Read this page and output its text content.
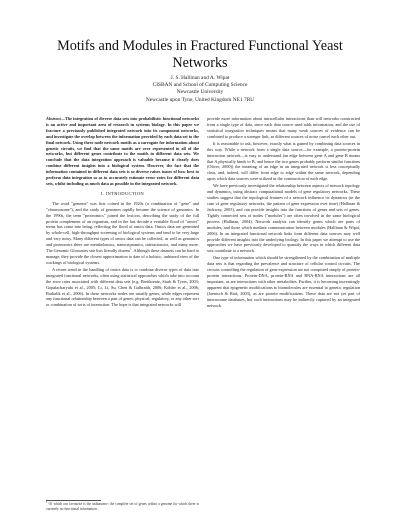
Motifs and Modules in Fractured Functional Yeast
Networks
J. S. Hallinan and A. Wipat
CISBAN and School of Computing Science
Newcastle University
Newcastle upon Tyne, United Kingdom NE1 7RU

Abstract—The integration of diverse data sets into probabilistic functional networks is an active and important area of research in systems biology. In this paper we fracture a previously published integrated network into its component networks, and investigate the overlap between the information provided by each data set to the final network. Using three node network motifs as a surrogate for information about genetic circuits, we find that the same motifs are over represented in all of the networks, but different genes contribute to the motifs in different data sets. We conclude that the data integration approach is valuable because it clearly does combine different insights into a biological system. However, the fact that the information contained in different data sets is so diverse raises issues of how best to perform data integration so as to accurately estimate error rates for different data sets, whilst including as much data as possible in the integrated network.

I. INTRODUCTION

The word "genome" was first coined in the 1920s (a combination of "gene" and "chromosome"), and the study of genomes rapidly became the science of genomics. In the 1990s, the term "proteomics" joined the lexicon, describing the study of the full protein complement of an organism, and in the last decade a veritable flood of "omics" terms has come into being, reflecting the flood of omics data. Omics data are generated by whole-cell, high-throughput screening of biological systems and tend to be very large and very noisy. Many different types of omics data can be collected, as well as genomics and proteomics there are metabolomics, transcriptomics, interactomics, and many more. The Genomic Glossaries site lists literally dozens$^1$. Although these datasets can be hard to manage, they provide the closest approximation to date of a holistic, unbiased view of the workings of biological systems.

A recent trend in the handling of omics data is to combine diverse types of data into integrated functional networks, often using statistical approaches which take into account the error rates associated with different data sets (e.g. Breitkreutz, Stark & Tyers, 2003; Gopalacharyulu et al., 2005; Li, Li, Su, Chen & Galbraith, 2006; Köhler et al., 2006; Bailtalik et al., 2006). In these networks nodes are usually genes, while edges represent any functional relationship between a pair of genes: physical, regulatory, or any other sort or combination of sorts of interaction. The hope is that integrated networks will

$^1$ Of which our favourite is the unbiasome: the complete set of genes within a genome for which there is currently no functional information.

provide more information about intracellular interactions than will networks constructed from a single type of data, since each data source used adds information, and the use of statistical integration techniques means that many weak sources of evidence can be combined to produce a stronger link, as different sources of noise cancel each other out.

It is reasonable to ask, however, exactly what is gained by combining data sources in this way. While a network from a single data source—for example, a protein-protein interaction network—is easy to understand (an edge between gene A and gene B means that A physically binds to B, and hence the two genes probably perform similar functions (Oliver, 2000)) the meaning of an edge in an integrated network is less conceptually clear, and, indeed, will differ from edge to edge within the same network, depending upon which data sources were utilized in the construction of each edge.

We have previously investigated the relationship between aspects of network topology and dynamics, using abstract computational models of gene regulatory networks. These studies suggest that the topological features of a network influence its dynamics (in the case of gene regulatory networks, the pattern of gene expression over time) (Hallinan & Jackway, 2005), and can provide insights into the functions of genes and sets of genes. Tightly connected sets of nodes ("modules") are often involved in the same biological process (Hallinan, 2004). Network analysis can identify genes which are parts of modules, and those which mediate communication between modules (Hallinan & Wipat, 2006). In an integrated functional network links from different data sources may well provide different insights into the underlying biology. In this paper we attempt to use the approaches we have previously developed to quantify the ways in which different data sets contribute to a network.

One type of information which should be strengthened by the combination of multiple data sets is that regarding the prevalence and structure of cellular control circuits. The circuits controlling the regulation of gene expression are not comprised simply of protein-protein interactions. Protein-DNA, protein-RNA and RNA-RNA interactions are all important, as are interactions with other metabolites. Further, it is becoming increasingly apparent that epigenetic modifications to biomolecules are essential to genetic regulation (Jaenisch & Bird, 2003), as are protein modifications. These data are not yet part of interactome databases, but such interactions may be indirectly captured by an integrated network.
